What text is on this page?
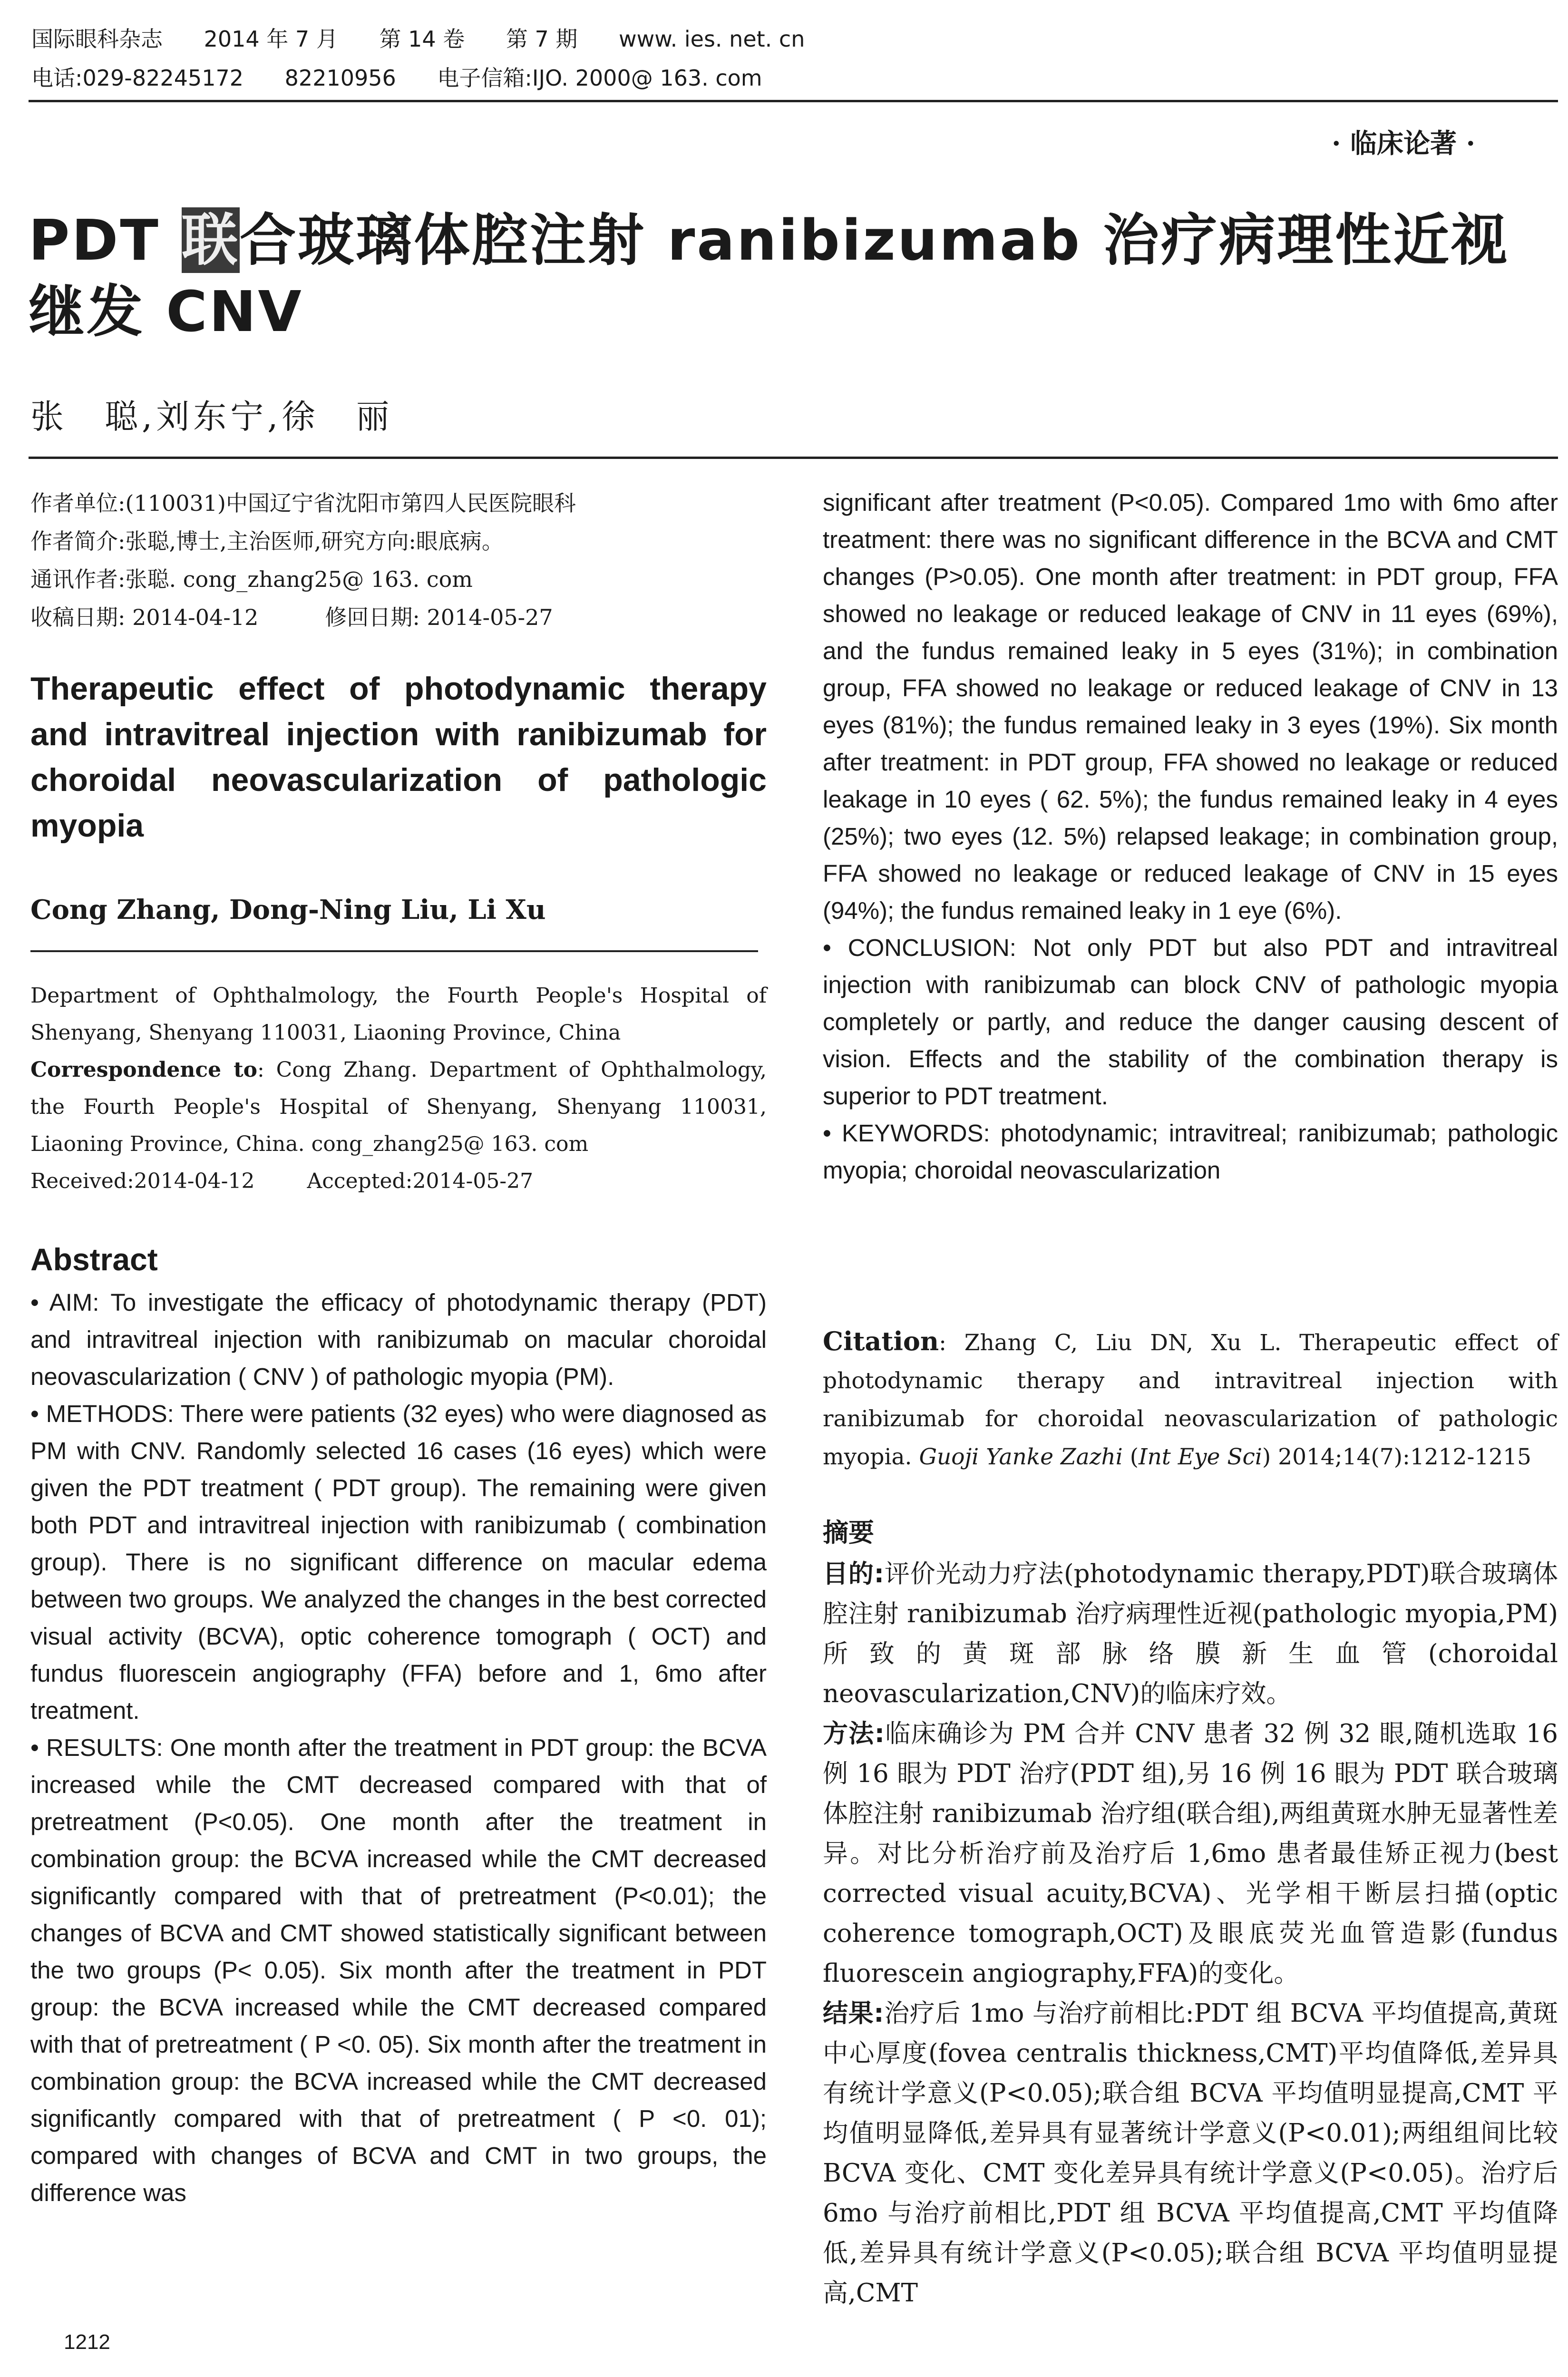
国际眼科杂志 2014 年 7 月 第 14 卷 第 7 期 www. ies. net. cn
电话:029-82245172 82210956 电子信箱:IJO. 2000@ 163. com
· 临床论著 ·
PDT 联合玻璃体腔注射 ranibizumab 治疗病理性近视继发 CNV
张　聪,刘东宁,徐　丽
作者单位:(110031)中国辽宁省沈阳市第四人民医院眼科
作者简介:张聪,博士,主治医师,研究方向:眼底病。
通讯作者:张聪. cong_zhang25@ 163. com
收稿日期: 2014-04-12	修回日期: 2014-05-27
Therapeutic effect of photodynamic therapy and intravitreal injection with ranibizumab for choroidal neovascularization of pathologic myopia
Cong Zhang, Dong-Ning Liu, Li Xu
Department of Ophthalmology, the Fourth People's Hospital of Shenyang, Shenyang 110031, Liaoning Province, China
Correspondence to: Cong Zhang. Department of Ophthalmology, the Fourth People's Hospital of Shenyang, Shenyang 110031, Liaoning Province, China. cong_zhang25@ 163. com
Received:2014-04-12	Accepted:2014-05-27
Abstract

• AIM: To investigate the efficacy of photodynamic therapy (PDT) and intravitreal injection with ranibizumab on macular choroidal neovascularization ( CNV ) of pathologic myopia (PM).

• METHODS: There were patients (32 eyes) who were diagnosed as PM with CNV. Randomly selected 16 cases (16 eyes) which were given the PDT treatment ( PDT group). The remaining were given both PDT and intravitreal injection with ranibizumab ( combination group). There is no significant difference on macular edema between two groups. We analyzed the changes in the best corrected visual activity (BCVA), optic coherence tomograph ( OCT) and fundus fluorescein angiography (FFA) before and 1, 6mo after treatment.

• RESULTS: One month after the treatment in PDT group: the BCVA increased while the CMT decreased compared with that of pretreatment (P<0.05). One month after the treatment in combination group: the BCVA increased while the CMT decreased significantly compared with that of pretreatment (P<0.01); the changes of BCVA and CMT showed statistically significant between the two groups (P< 0.05). Six month after the treatment in PDT group: the BCVA increased while the CMT decreased compared with that of pretreatment ( P <0. 05). Six month after the treatment in combination group: the BCVA increased while the CMT decreased significantly compared with that of pretreatment ( P <0. 01); compared with changes of BCVA and CMT in two groups, the difference was

significant after treatment (P<0.05). Compared 1mo with 6mo after treatment: there was no significant difference in the BCVA and CMT changes (P>0.05). One month after treatment: in PDT group, FFA showed no leakage or reduced leakage of CNV in 11 eyes (69%), and the fundus remained leaky in 5 eyes (31%); in combination group, FFA showed no leakage or reduced leakage of CNV in 13 eyes (81%); the fundus remained leaky in 3 eyes (19%). Six month after treatment: in PDT group, FFA showed no leakage or reduced leakage in 10 eyes ( 62. 5%); the fundus remained leaky in 4 eyes (25%); two eyes (12. 5%) relapsed leakage; in combination group, FFA showed no leakage or reduced leakage of CNV in 15 eyes (94%); the fundus remained leaky in 1 eye (6%).

• CONCLUSION: Not only PDT but also PDT and intravitreal injection with ranibizumab can block CNV of pathologic myopia completely or partly, and reduce the danger causing descent of vision. Effects and the stability of the combination therapy is superior to PDT treatment.

• KEYWORDS: photodynamic; intravitreal; ranibizumab; pathologic myopia; choroidal neovascularization

Citation: Zhang C, Liu DN, Xu L. Therapeutic effect of photodynamic therapy and intravitreal injection with ranibizumab for choroidal neovascularization of pathologic myopia. Guoji Yanke Zazhi (Int Eye Sci) 2014;14(7):1212-1215
摘要

目的:评价光动力疗法(photodynamic therapy,PDT)联合玻璃体腔注射 ranibizumab 治疗病理性近视(pathologic myopia,PM)所致的黄斑部脉络膜新生血管(choroidal neovascularization,CNV)的临床疗效。

方法:临床确诊为 PM 合并 CNV 患者 32 例 32 眼,随机选取 16 例 16 眼为 PDT 治疗(PDT 组),另 16 例 16 眼为 PDT 联合玻璃体腔注射 ranibizumab 治疗组(联合组),两组黄斑水肿无显著性差异。对比分析治疗前及治疗后 1,6mo 患者最佳矫正视力(best corrected visual acuity,BCVA)、光学相干断层扫描(optic coherence tomograph,OCT)及眼底荧光血管造影(fundus fluorescein angiography,FFA)的变化。

结果:治疗后 1mo 与治疗前相比:PDT 组 BCVA 平均值提高,黄斑中心厚度(fovea centralis thickness,CMT)平均值降低,差异具有统计学意义(P<0.05);联合组 BCVA 平均值明显提高,CMT 平均值明显降低,差异具有显著统计学意义(P<0.01);两组组间比较 BCVA 变化、CMT 变化差异具有统计学意义(P<0.05)。治疗后 6mo 与治疗前相比,PDT 组 BCVA 平均值提高,CMT 平均值降低,差异具有统计学意义(P<0.05);联合组 BCVA 平均值明显提高,CMT

1212
